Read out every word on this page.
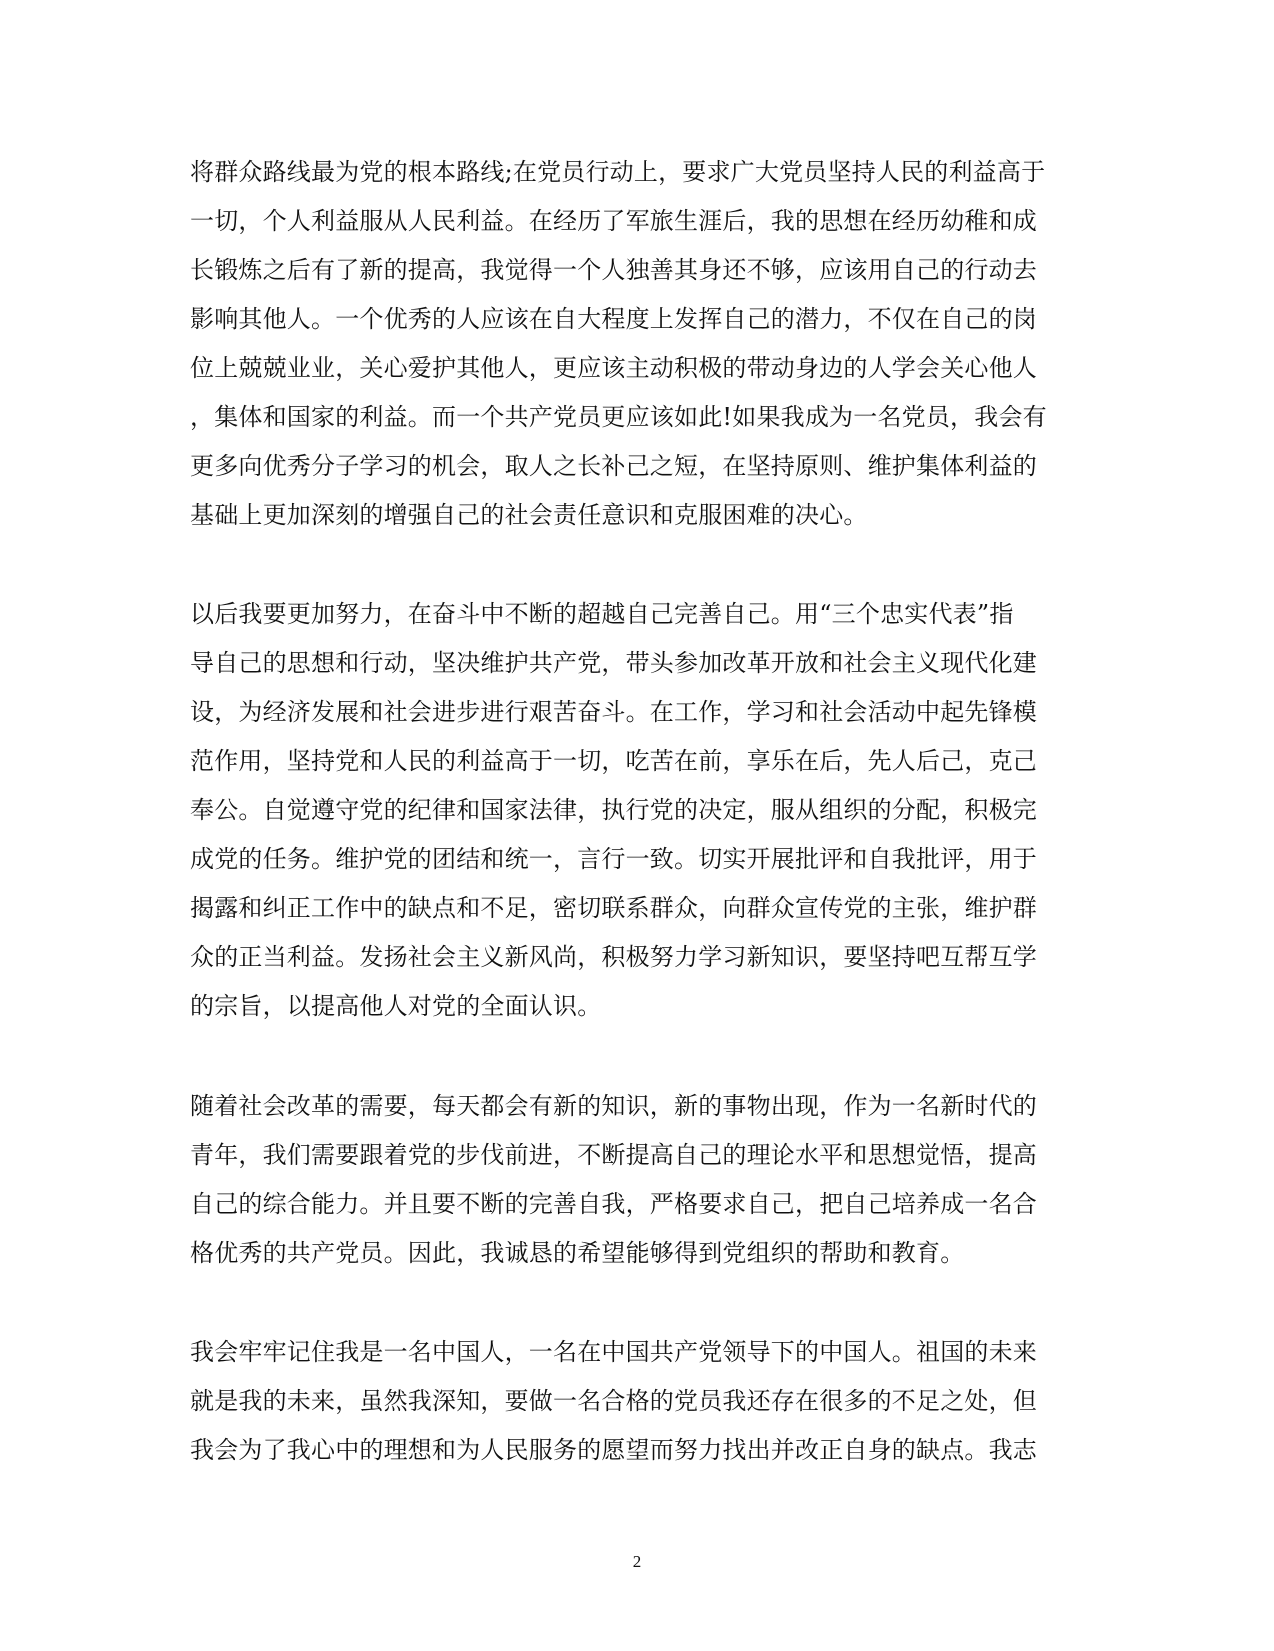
将群众路线最为党的根本路线;在党员行动上，要求广大党员坚持人民的利益高于
一切，个人利益服从人民利益。在经历了军旅生涯后，我的思想在经历幼稚和成
长锻炼之后有了新的提高，我觉得一个人独善其身还不够，应该用自己的行动去
影响其他人。一个优秀的人应该在自大程度上发挥自己的潜力，不仅在自己的岗
位上兢兢业业，关心爱护其他人，更应该主动积极的带动身边的人学会关心他人
，集体和国家的利益。而一个共产党员更应该如此!如果我成为一名党员，我会有
更多向优秀分子学习的机会，取人之长补己之短，在坚持原则、维护集体利益的
基础上更加深刻的增强自己的社会责任意识和克服困难的决心。
以后我要更加努力，在奋斗中不断的超越自己完善自己。用“三个忠实代表”指
导自己的思想和行动，坚决维护共产党，带头参加改革开放和社会主义现代化建
设，为经济发展和社会进步进行艰苦奋斗。在工作，学习和社会活动中起先锋模
范作用，坚持党和人民的利益高于一切，吃苦在前，享乐在后，先人后己，克己
奉公。自觉遵守党的纪律和国家法律，执行党的决定，服从组织的分配，积极完
成党的任务。维护党的团结和统一，言行一致。切实开展批评和自我批评，用于
揭露和纠正工作中的缺点和不足，密切联系群众，向群众宣传党的主张，维护群
众的正当利益。发扬社会主义新风尚，积极努力学习新知识，要坚持吧互帮互学
的宗旨，以提高他人对党的全面认识。
随着社会改革的需要，每天都会有新的知识，新的事物出现，作为一名新时代的
青年，我们需要跟着党的步伐前进，不断提高自己的理论水平和思想觉悟，提高
自己的综合能力。并且要不断的完善自我，严格要求自己，把自己培养成一名合
格优秀的共产党员。因此，我诚恳的希望能够得到党组织的帮助和教育。
我会牢牢记住我是一名中国人，一名在中国共产党领导下的中国人。祖国的未来
就是我的未来，虽然我深知，要做一名合格的党员我还存在很多的不足之处，但
我会为了我心中的理想和为人民服务的愿望而努力找出并改正自身的缺点。我志
2
